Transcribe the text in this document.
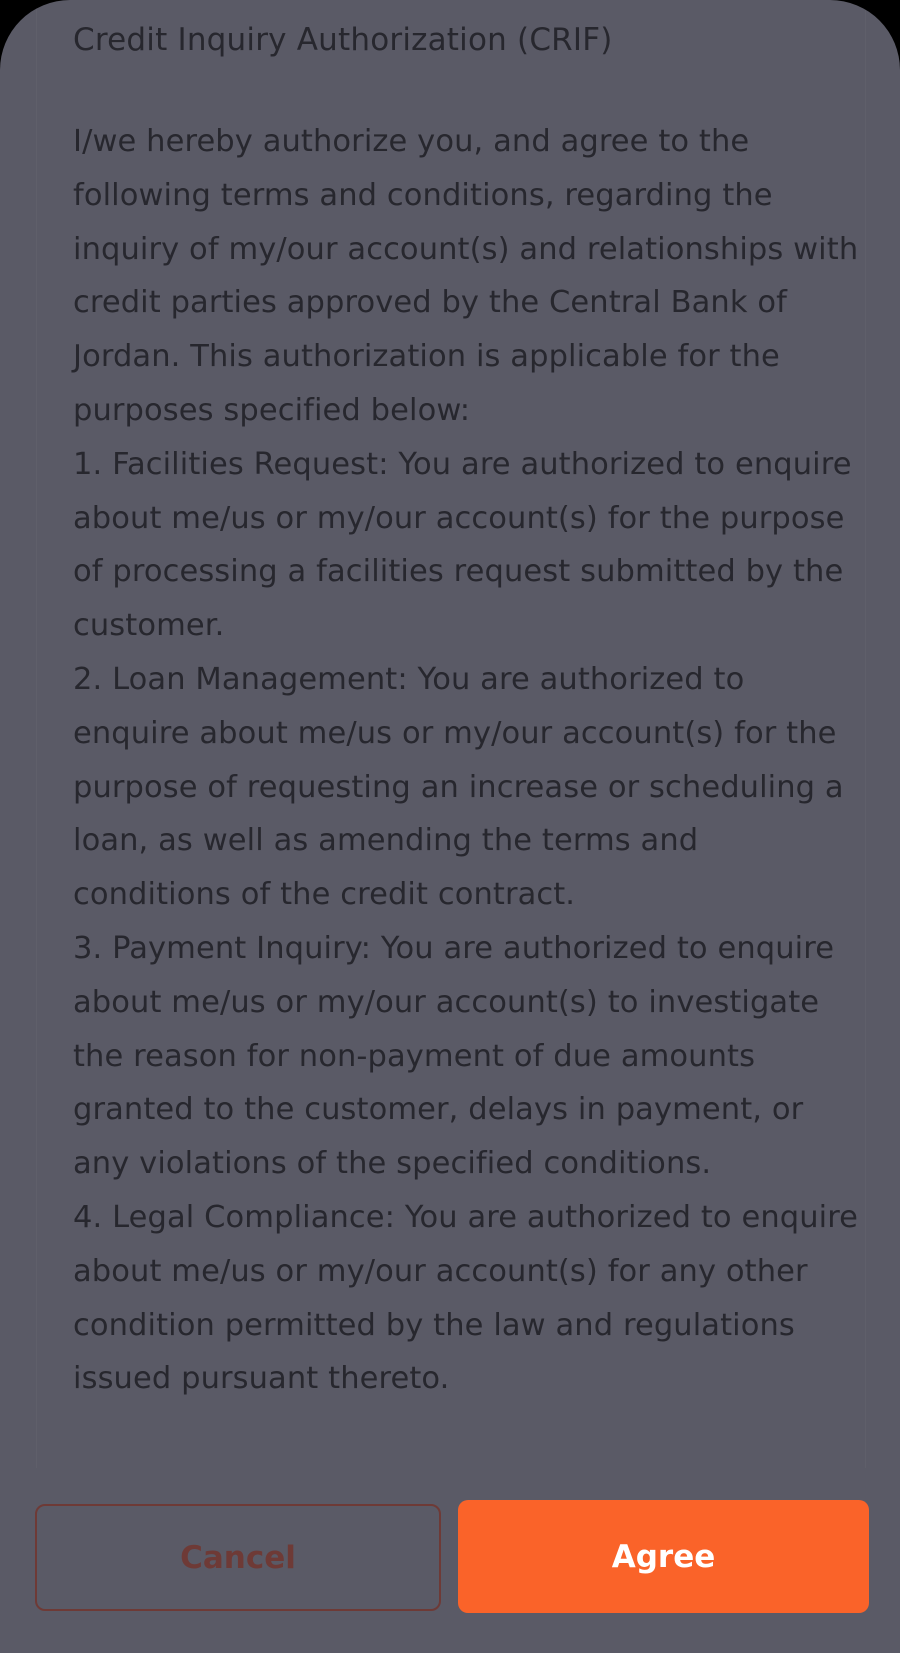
Credit Inquiry Authorization (CRIF)
I/we hereby authorize you, and agree to the following terms and conditions, regarding the inquiry of my/our account(s) and relationships with credit parties approved by the Central Bank of Jordan. This authorization is applicable for the purposes specified below:
1. Facilities Request: You are authorized to enquire about me/us or my/our account(s) for the purpose of processing a facilities request submitted by the customer.
2. Loan Management: You are authorized to enquire about me/us or my/our account(s) for the purpose of requesting an increase or scheduling a loan, as well as amending the terms and conditions of the credit contract.
3. Payment Inquiry: You are authorized to enquire about me/us or my/our account(s) to investigate the reason for non-payment of due amounts granted to the customer, delays in payment, or any violations of the specified conditions.
4. Legal Compliance: You are authorized to enquire about me/us or my/our account(s) for any other condition permitted by the law and regulations issued pursuant thereto.
Cancel	Agree
